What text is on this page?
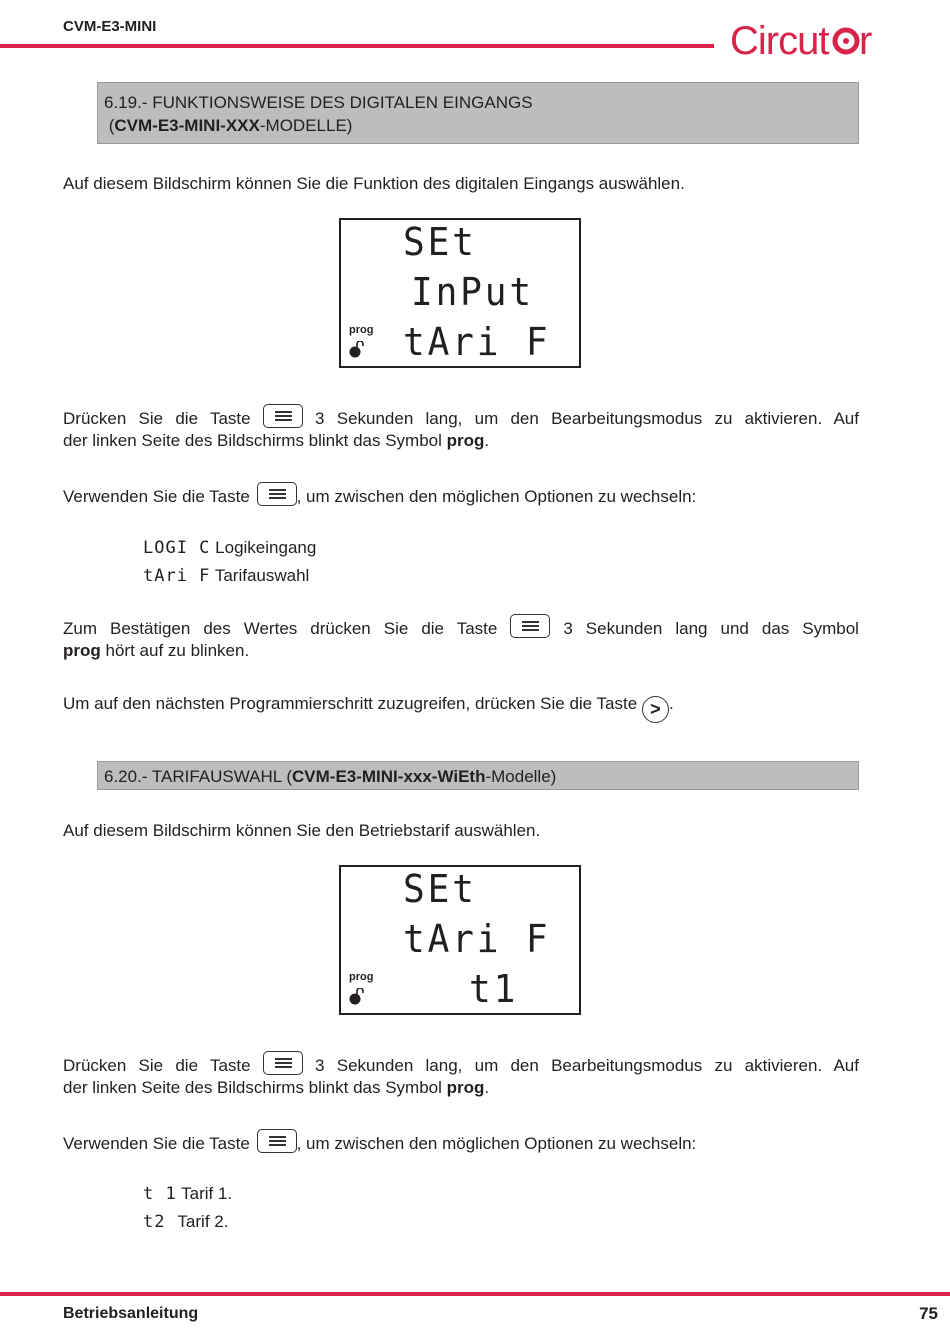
CVM-E3-MINI	Circut r
6.19.- FUNKTIONSWEISE DES DIGITALEN EINGANGS
(CVM-E3-MINI-XXX-MODELLE)
Auf diesem Bildschirm können Sie die Funktion des digitalen Eingangs auswählen.
SEt
InPut
tAri F
prog
Drücken Sie die Taste	3 Sekunden lang, um den Bearbeitungsmodus zu aktivieren. Auf
der linken Seite des Bildschirms blinkt das Symbol prog.
Verwenden Sie die Taste	, um zwischen den möglichen Optionen zu wechseln:
LOGI C Logikeingang
tAri F Tarifauswahl
Zum Bestätigen des Wertes drücken Sie die Taste	3 Sekunden lang und das Symbol
prog hört auf zu blinken.
Um auf den nächsten Programmierschritt zuzugreifen, drücken Sie die Taste > .
6.20.- TARIFAUSWAHL (CVM-E3-MINI-xxx-WiEth-Modelle)
Auf diesem Bildschirm können Sie den Betriebstarif auswählen.
SEt
tAri F
t1
prog
Drücken Sie die Taste	3 Sekunden lang, um den Bearbeitungsmodus zu aktivieren. Auf
der linken Seite des Bildschirms blinkt das Symbol prog.
Verwenden Sie die Taste	, um zwischen den möglichen Optionen zu wechseln:
t 1 Tarif 1.
t2 Tarif 2.
Betriebsanleitung	75
